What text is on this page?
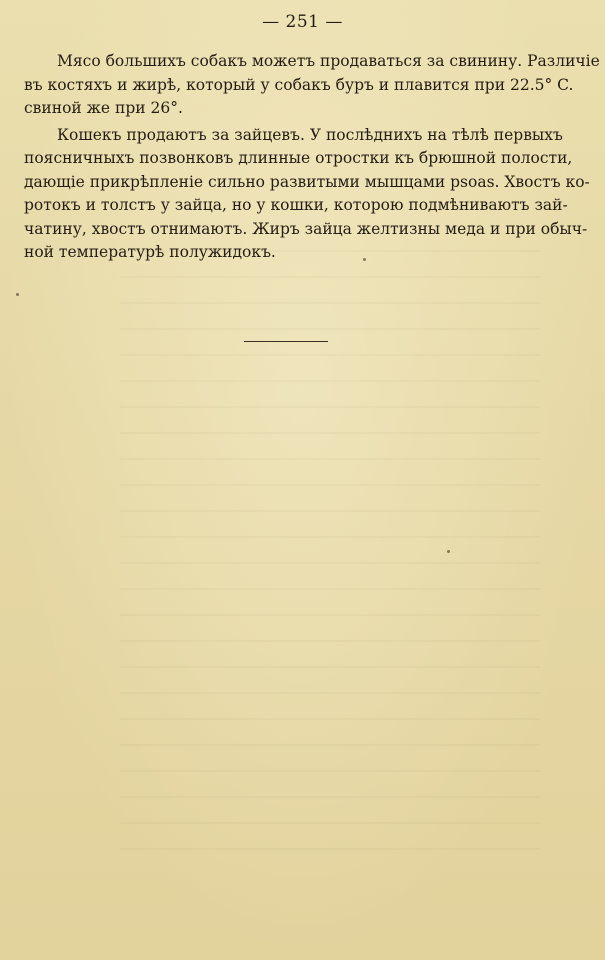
— 251 —
Мясо большихъ собакъ можетъ продаваться за свинину. Различіе
въ костяхъ и жирѣ, который у собакъ буръ и плавится при 22.5° C.
свиной же при 26°.
Кошекъ продаютъ за зайцевъ. У послѣднихъ на тѣлѣ первыхъ
поясничныхъ позвонковъ длинные отростки къ брюшной полости,
дающіе прикрѣпленіе сильно развитыми мышцами psoas. Хвостъ ко-
ротокъ и толстъ у зайца, но у кошки, которою подмѣниваютъ зай-
чатину, хвостъ отнимаютъ. Жиръ зайца желтизны меда и при обыч-
ной температурѣ полужидокъ.
